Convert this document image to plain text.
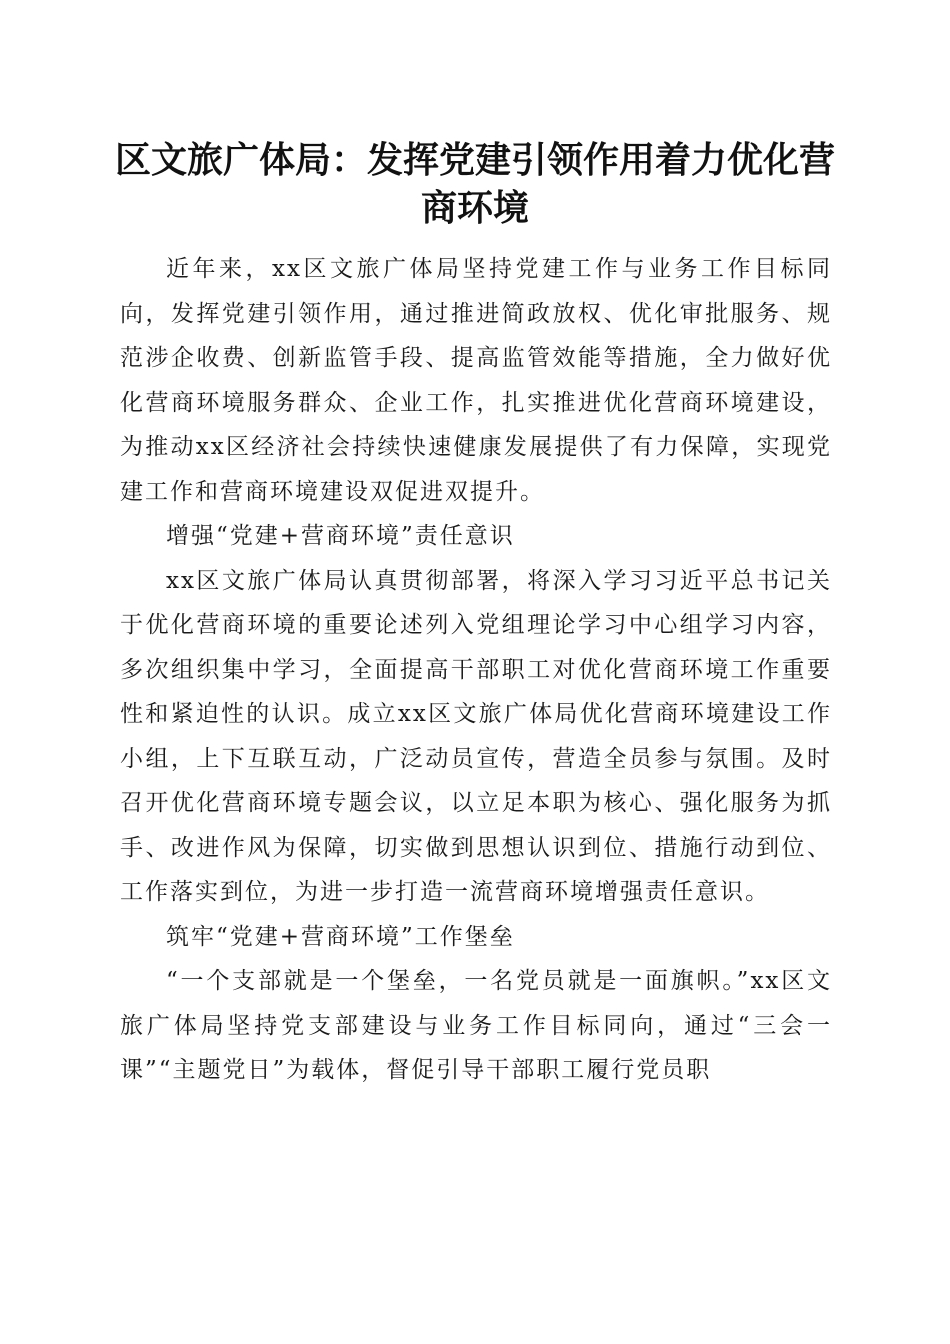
区文旅广体局：发挥党建引领作用着力优化营商环境

近年来，xx区文旅广体局坚持党建工作与业务工作目标同向，发挥党建引领作用，通过推进简政放权、优化审批服务、规范涉企收费、创新监管手段、提高监管效能等措施，全力做好优化营商环境服务群众、企业工作，扎实推进优化营商环境建设，为推动xx区经济社会持续快速健康发展提供了有力保障，实现党建工作和营商环境建设双促进双提升。

增强“党建+营商环境”责任意识

xx区文旅广体局认真贯彻部署，将深入学习习近平总书记关于优化营商环境的重要论述列入党组理论学习中心组学习内容，多次组织集中学习，全面提高干部职工对优化营商环境工作重要性和紧迫性的认识。成立xx区文旅广体局优化营商环境建设工作小组，上下互联互动，广泛动员宣传，营造全员参与氛围。及时召开优化营商环境专题会议，以立足本职为核心、强化服务为抓手、改进作风为保障，切实做到思想认识到位、措施行动到位、工作落实到位，为进一步打造一流营商环境增强责任意识。

筑牢“党建+营商环境”工作堡垒

“一个支部就是一个堡垒，一名党员就是一面旗帜。”xx区文旅广体局坚持党支部建设与业务工作目标同向，通过“三会一课”“主题党日”为载体，督促引导干部职工履行党员职
